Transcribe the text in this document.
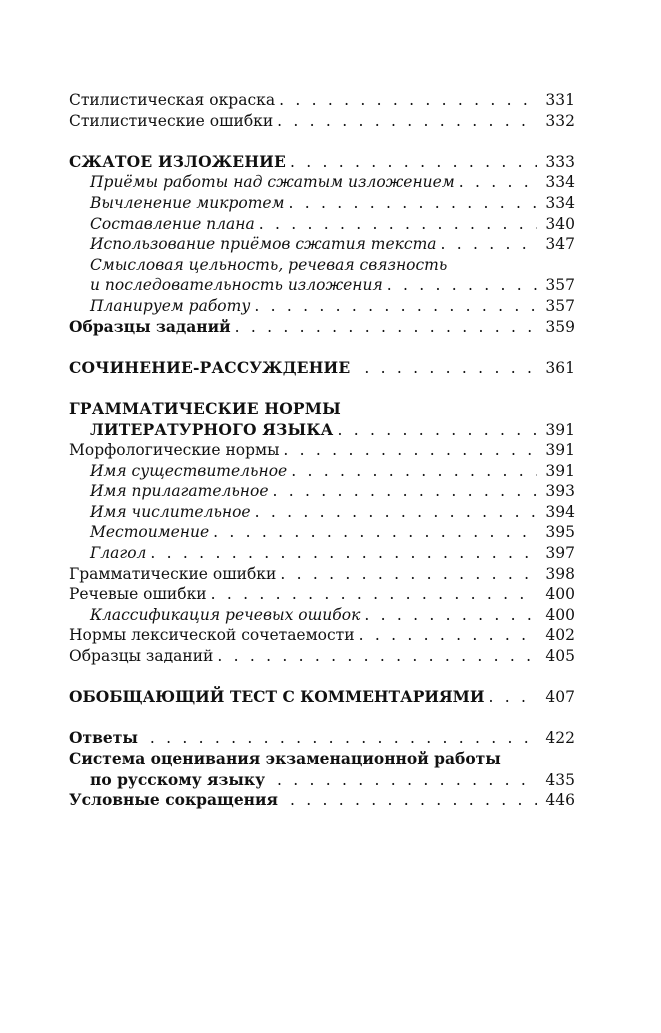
Стилистическая окраска . . .	331
Стилистические ошибки . . .	332
СЖАТОЕ ИЗЛОЖЕНИЕ . . .	333
Приёмы работы над сжатым изложением . . .	334
Вычленение микротем . . .	334
Составление плана . . .	340
Использование приёмов сжатия текста . . .	347
Смысловая цельность, речевая связность
и последовательность изложения . . .	357
Планируем работу . . .	357
Образцы заданий . . .	359
СОЧИНЕНИЕ-РАССУЖДЕНИЕ . . .	361
ГРАММАТИЧЕСКИЕ НОРМЫ
ЛИТЕРАТУРНОГО ЯЗЫКА . . .	391
Морфологические нормы . . .	391
Имя существительное . . .	391
Имя прилагательное . . .	393
Имя числительное . . .	394
Местоимение . . .	395
Глагол . . .	397
Грамматические ошибки . . .	398
Речевые ошибки . . .	400
Классификация речевых ошибок . . .	400
Нормы лексической сочетаемости . . .	402
Образцы заданий . . .	405
ОБОБЩАЮЩИЙ ТЕСТ С КОММЕНТАРИЯМИ . . .	407
Ответы . . .	422
Система оценивания экзаменационной работы
по русскому языку . . .	435
Условные сокращения . . .	446
